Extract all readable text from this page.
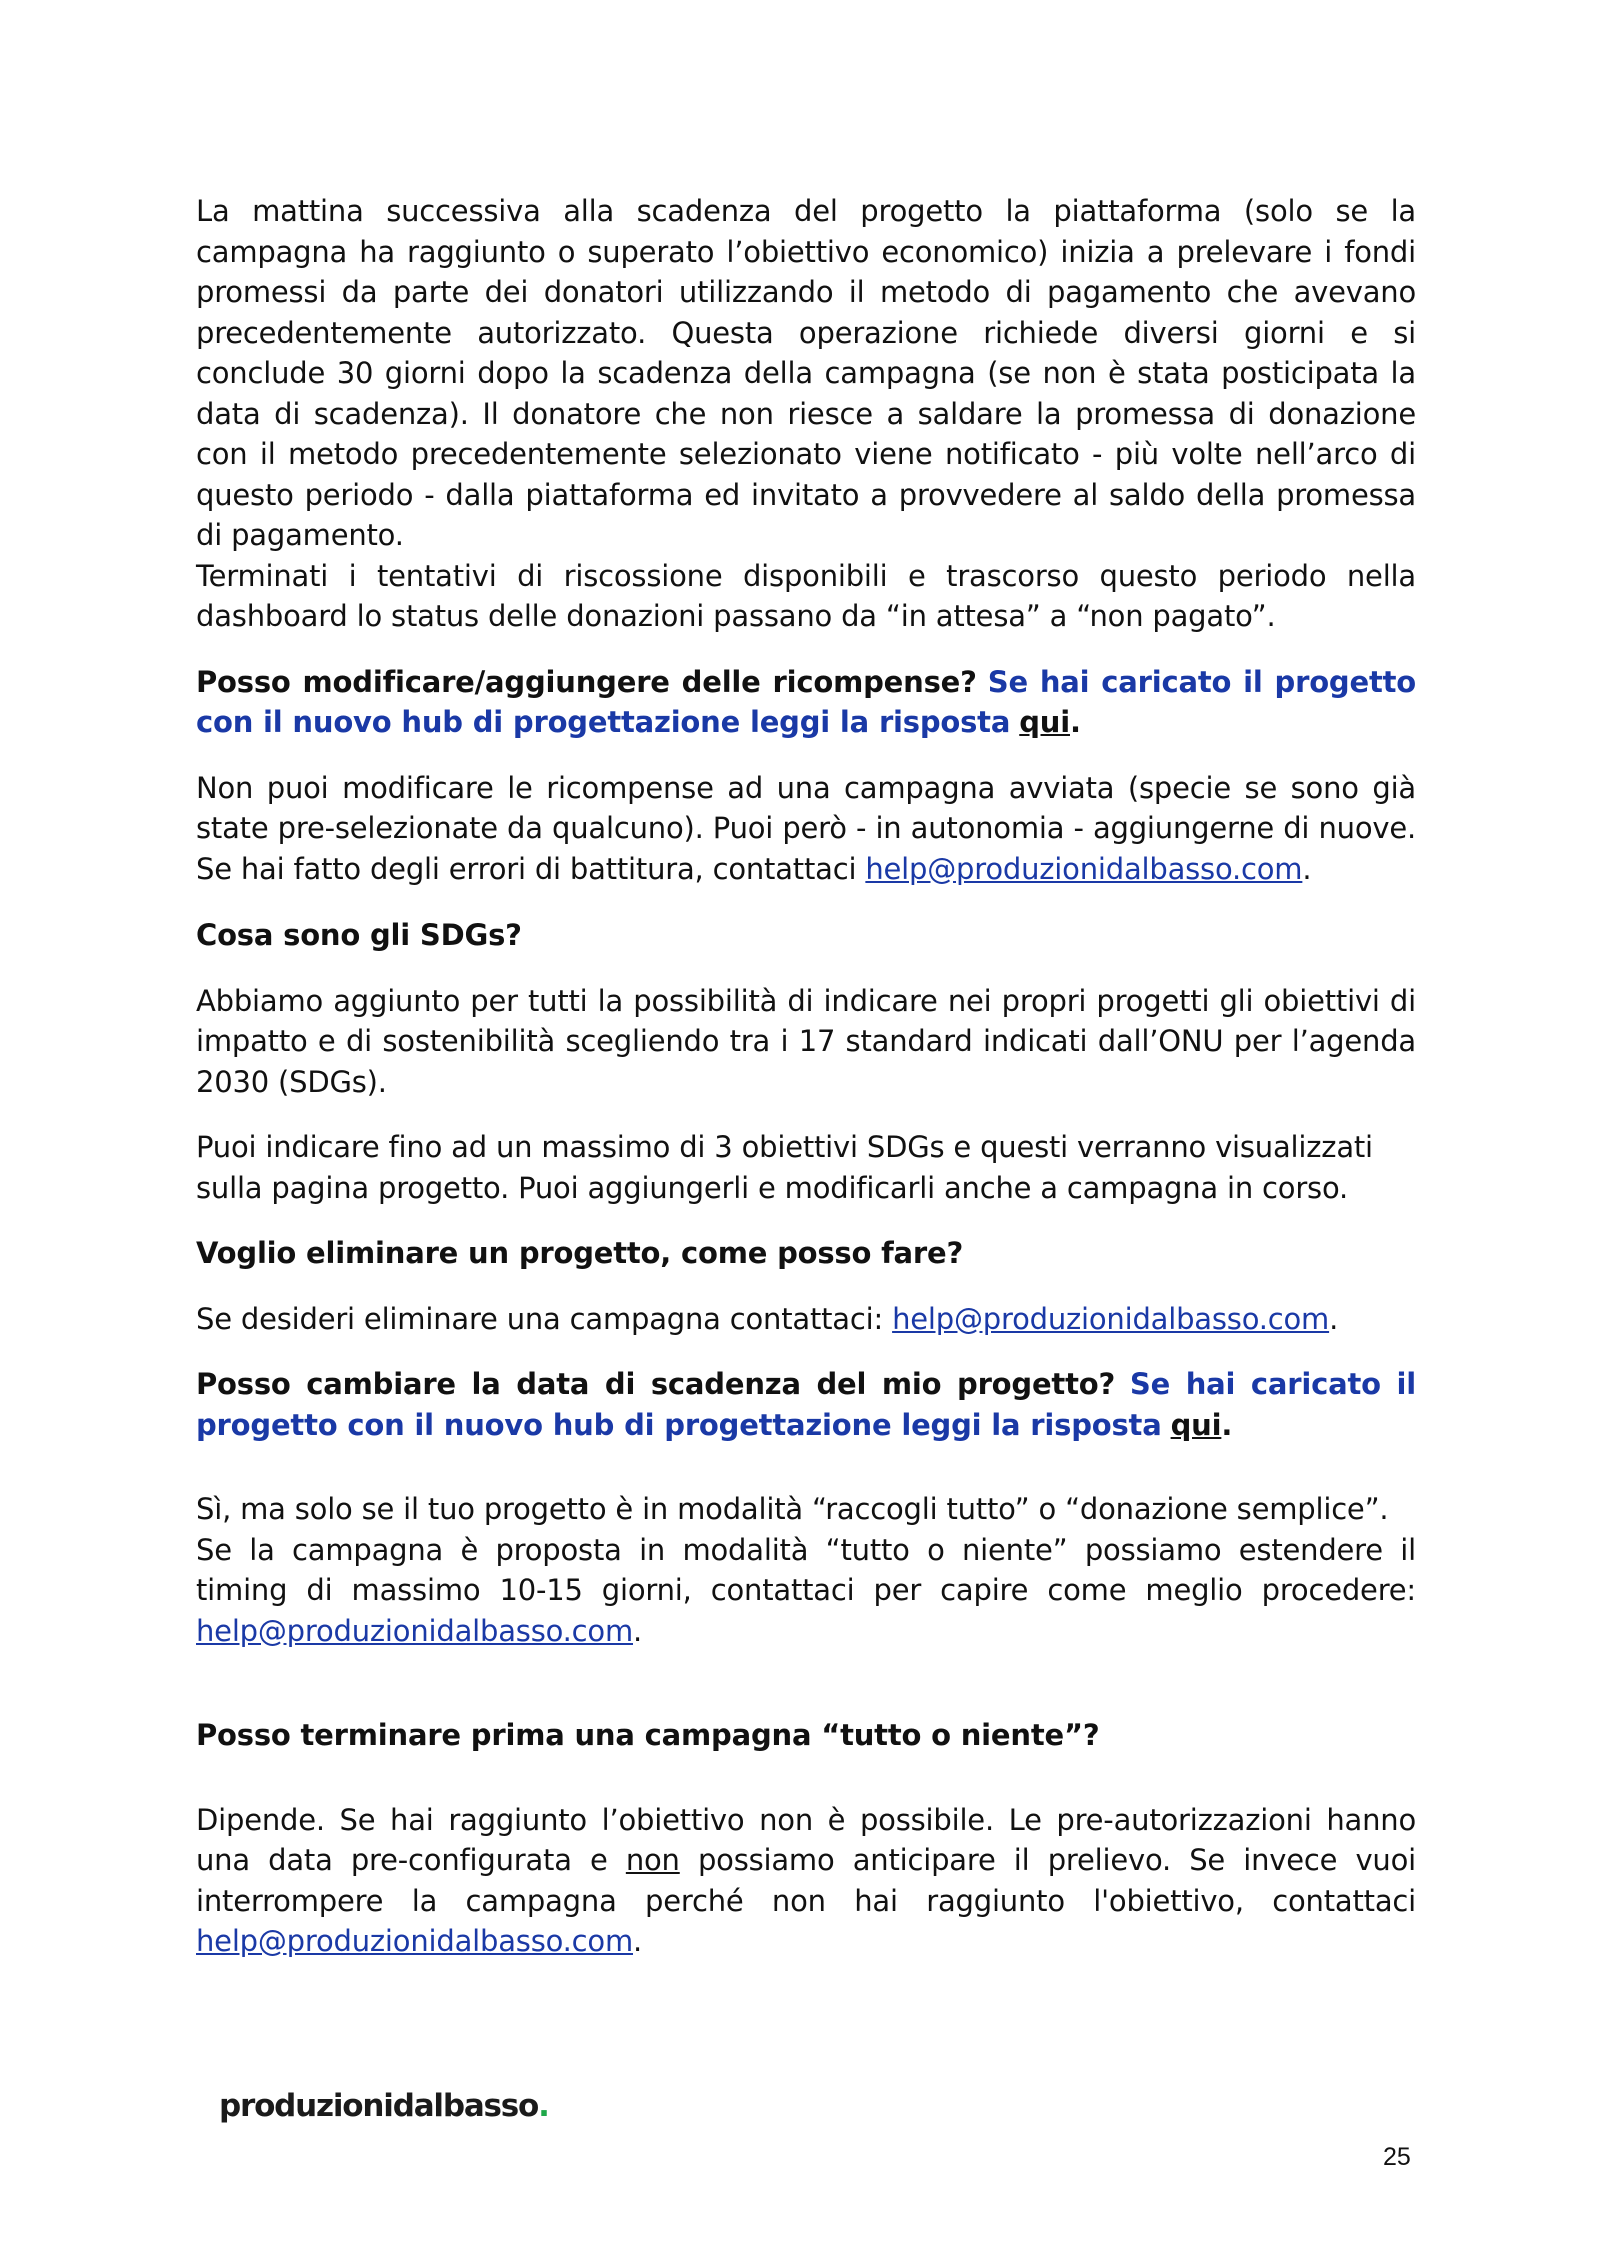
La mattina successiva alla scadenza del progetto la piattaforma (solo se la campagna ha raggiunto o superato l’obiettivo economico) inizia a prelevare i fondi promessi da parte dei donatori utilizzando il metodo di pagamento che avevano precedentemente autorizzato. Questa operazione richiede diversi giorni e si conclude 30 giorni dopo la scadenza della campagna (se non è stata posticipata la data di scadenza). Il donatore che non riesce a saldare la promessa di donazione con il metodo precedentemente selezionato viene notificato - più volte nell’arco di questo periodo - dalla piattaforma ed invitato a provvedere al saldo della promessa di pagamento.

Terminati i tentativi di riscossione disponibili e trascorso questo periodo nella dashboard lo status delle donazioni passano da “in attesa” a “non pagato”.

Posso modificare/aggiungere delle ricompense? Se hai caricato il progetto con il nuovo hub di progettazione leggi la risposta qui.

Non puoi modificare le ricompense ad una campagna avviata (specie se sono già state pre-selezionate da qualcuno). Puoi però - in autonomia - aggiungerne di nuove. Se hai fatto degli errori di battitura, contattaci help@produzionidalbasso.com.

Cosa sono gli SDGs?

Abbiamo aggiunto per tutti la possibilità di indicare nei propri progetti gli obiettivi di impatto e di sostenibilità scegliendo tra i 17 standard indicati dall’ONU per l’agenda 2030 (SDGs).

Puoi indicare fino ad un massimo di 3 obiettivi SDGs e questi verranno visualizzati sulla pagina progetto. Puoi aggiungerli e modificarli anche a campagna in corso.

Voglio eliminare un progetto, come posso fare?

Se desideri eliminare una campagna contattaci: help@produzionidalbasso.com.

Posso cambiare la data di scadenza del mio progetto? Se hai caricato il progetto con il nuovo hub di progettazione leggi la risposta qui.

Sì, ma solo se il tuo progetto è in modalità “raccogli tutto” o “donazione semplice”.

Se la campagna è proposta in modalità “tutto o niente” possiamo estendere il timing di massimo 10-15 giorni, contattaci per capire come meglio procedere: help@produzionidalbasso.com.

Posso terminare prima una campagna “tutto o niente”?

Dipende. Se hai raggiunto l’obiettivo non è possibile. Le pre-autorizzazioni hanno una data pre-configurata e non possiamo anticipare il prelievo. Se invece vuoi interrompere la campagna perché non hai raggiunto l'obiettivo, contattaci help@produzionidalbasso.com.

produzionidalbasso.
25
